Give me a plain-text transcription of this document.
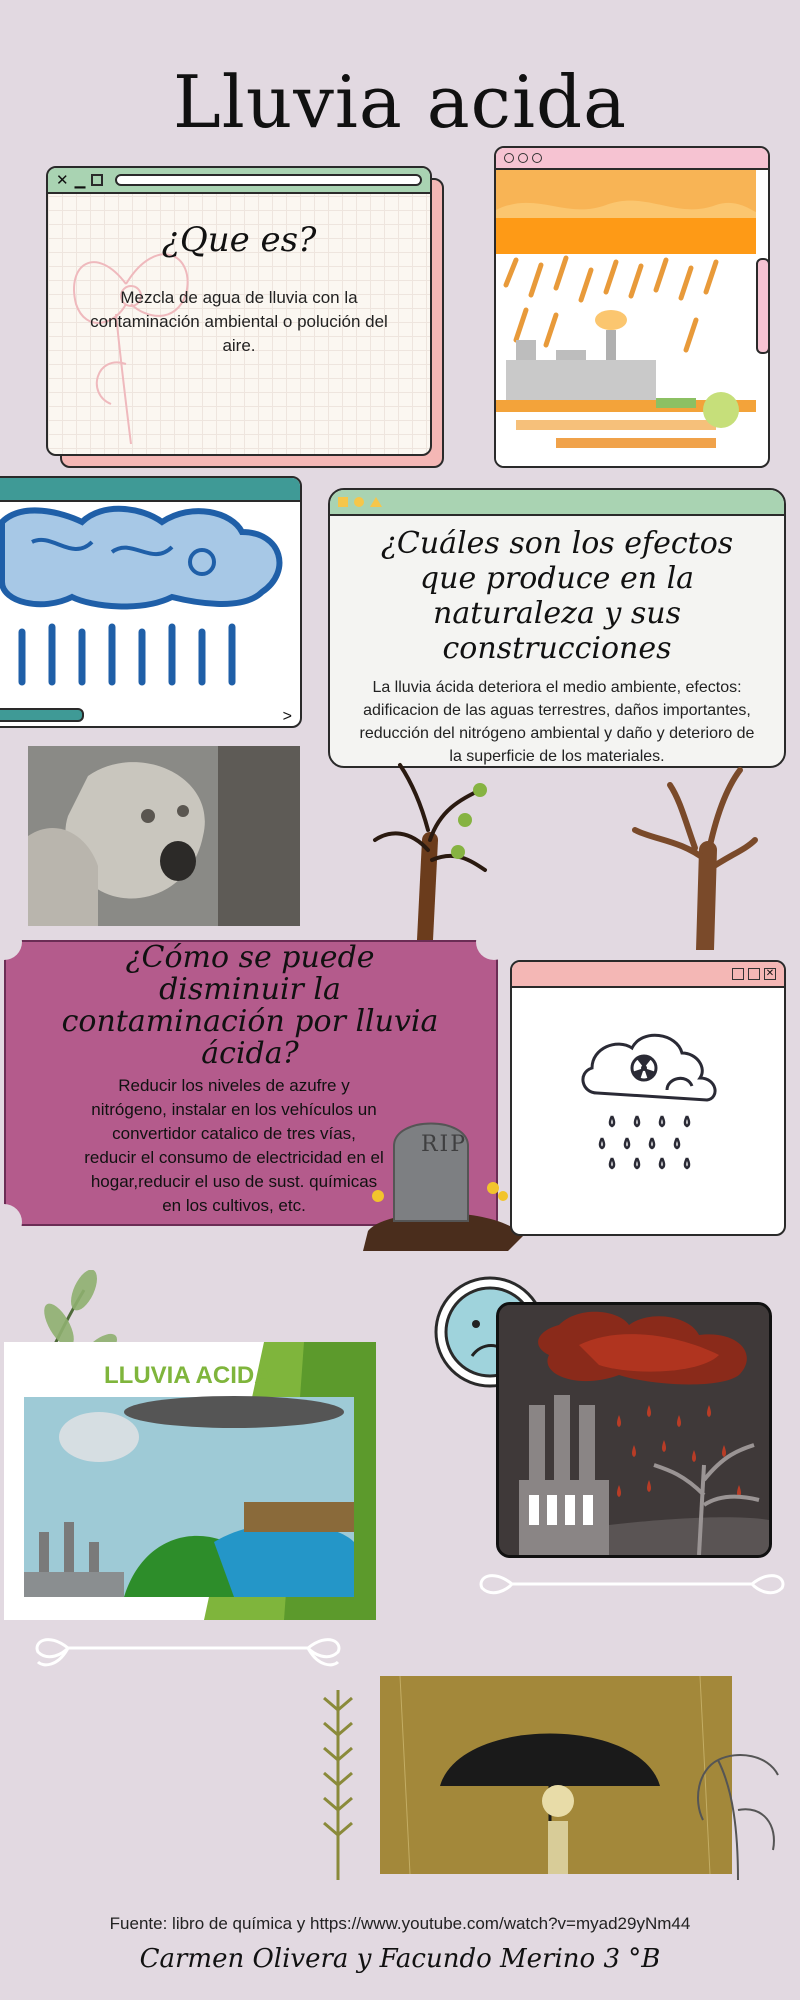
Lluvia acida
✕ ▁
¿Que es?
Mezcla de agua de lluvia con la contaminación ambiental o polución del aire.
>
¿Cuáles son los efectos que produce en la naturaleza y sus construcciones
La lluvia ácida deteriora el medio ambiente, efectos: adificacion de las aguas terrestres, daños importantes, reducción del nitrógeno ambiental y daño y deterioro de la superficie de los materiales.
¿Cómo se puede disminuir la contaminación por lluvia ácida?
Reducir los niveles de azufre y nitrógeno, instalar en los vehículos un convertidor catalico de tres vías, reducir el consumo de electricidad en el hogar,reducir el uso de sust. químicas en los cultivos, etc.
RIP
✕
LLUVIA ACIDA
Fuente: libro de química y https://www.youtube.com/watch?v=myad29yNm44
Carmen Olivera y Facundo Merino 3 °B
